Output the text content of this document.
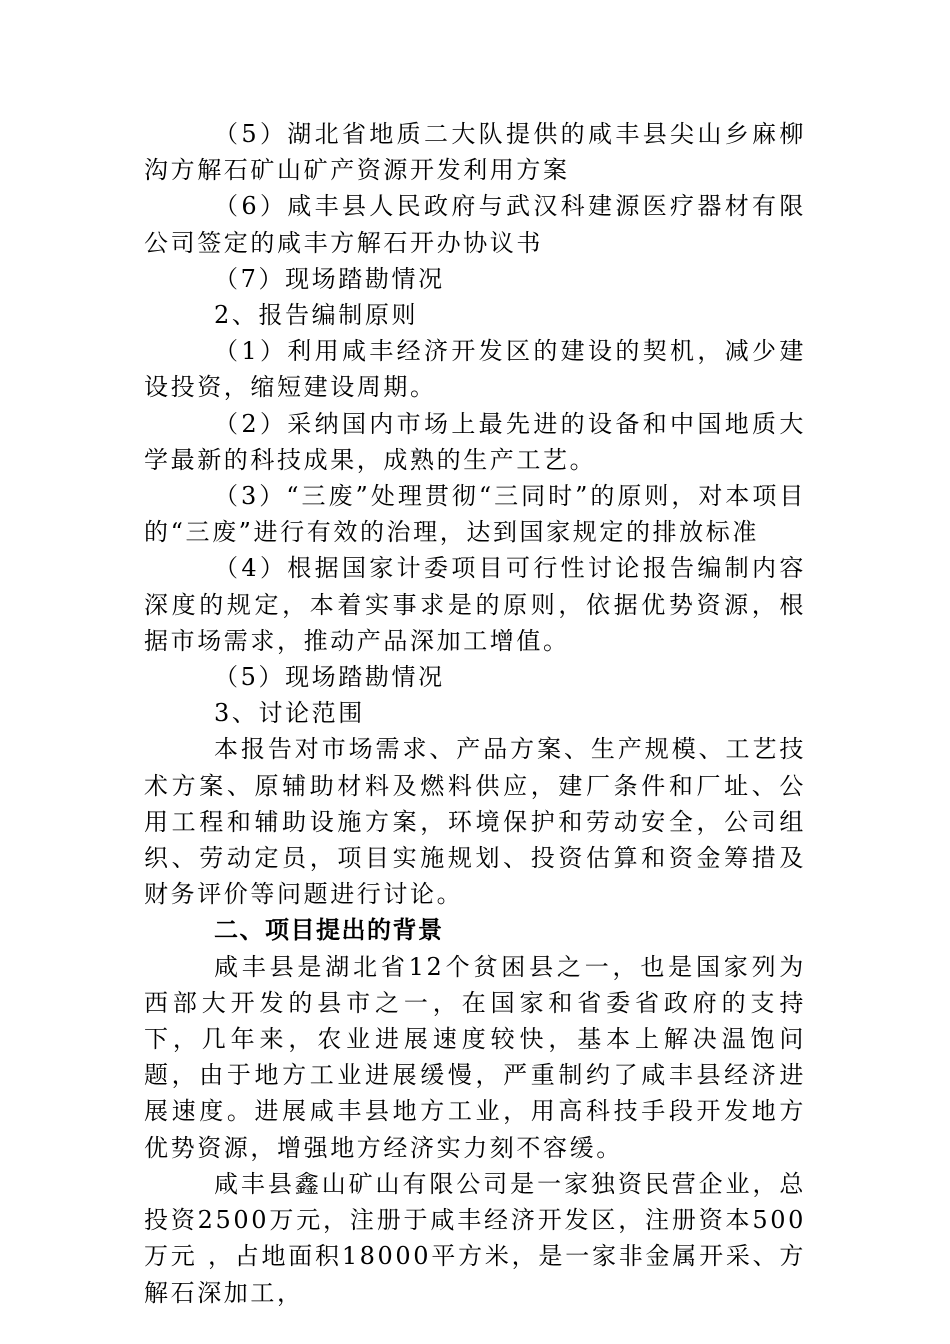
（5）湖北省地质二大队提供的咸丰县尖山乡麻柳沟方解石矿山矿产资源开发利用方案

（6）咸丰县人民政府与武汉科建源医疗器材有限公司签定的咸丰方解石开办协议书

（7）现场踏勘情况

2、报告编制原则

（1）利用咸丰经济开发区的建设的契机，减少建设投资，缩短建设周期。

（2）采纳国内市场上最先进的设备和中国地质大学最新的科技成果，成熟的生产工艺。

（3）“三废”处理贯彻“三同时”的原则，对本项目的“三废”进行有效的治理，达到国家规定的排放标准

（4）根据国家计委项目可行性讨论报告编制内容深度的规定，本着实事求是的原则，依据优势资源，根据市场需求，推动产品深加工增值。

（5）现场踏勘情况

3、讨论范围

本报告对市场需求、产品方案、生产规模、工艺技术方案、原辅助材料及燃料供应，建厂条件和厂址、公用工程和辅助设施方案，环境保护和劳动安全，公司组织、劳动定员，项目实施规划、投资估算和资金筹措及财务评价等问题进行讨论。

二、项目提出的背景

咸丰县是湖北省12个贫困县之一，也是国家列为西部大开发的县市之一，在国家和省委省政府的支持下，几年来，农业进展速度较快，基本上解决温饱问题，由于地方工业进展缓慢，严重制约了咸丰县经济进展速度。进展咸丰县地方工业，用高科技手段开发地方优势资源，增强地方经济实力刻不容缓。

咸丰县鑫山矿山有限公司是一家独资民营企业，总投资2500万元，注册于咸丰经济开发区，注册资本500万元 ，占地面积18000平方米，是一家非金属开采、方解石深加工，
